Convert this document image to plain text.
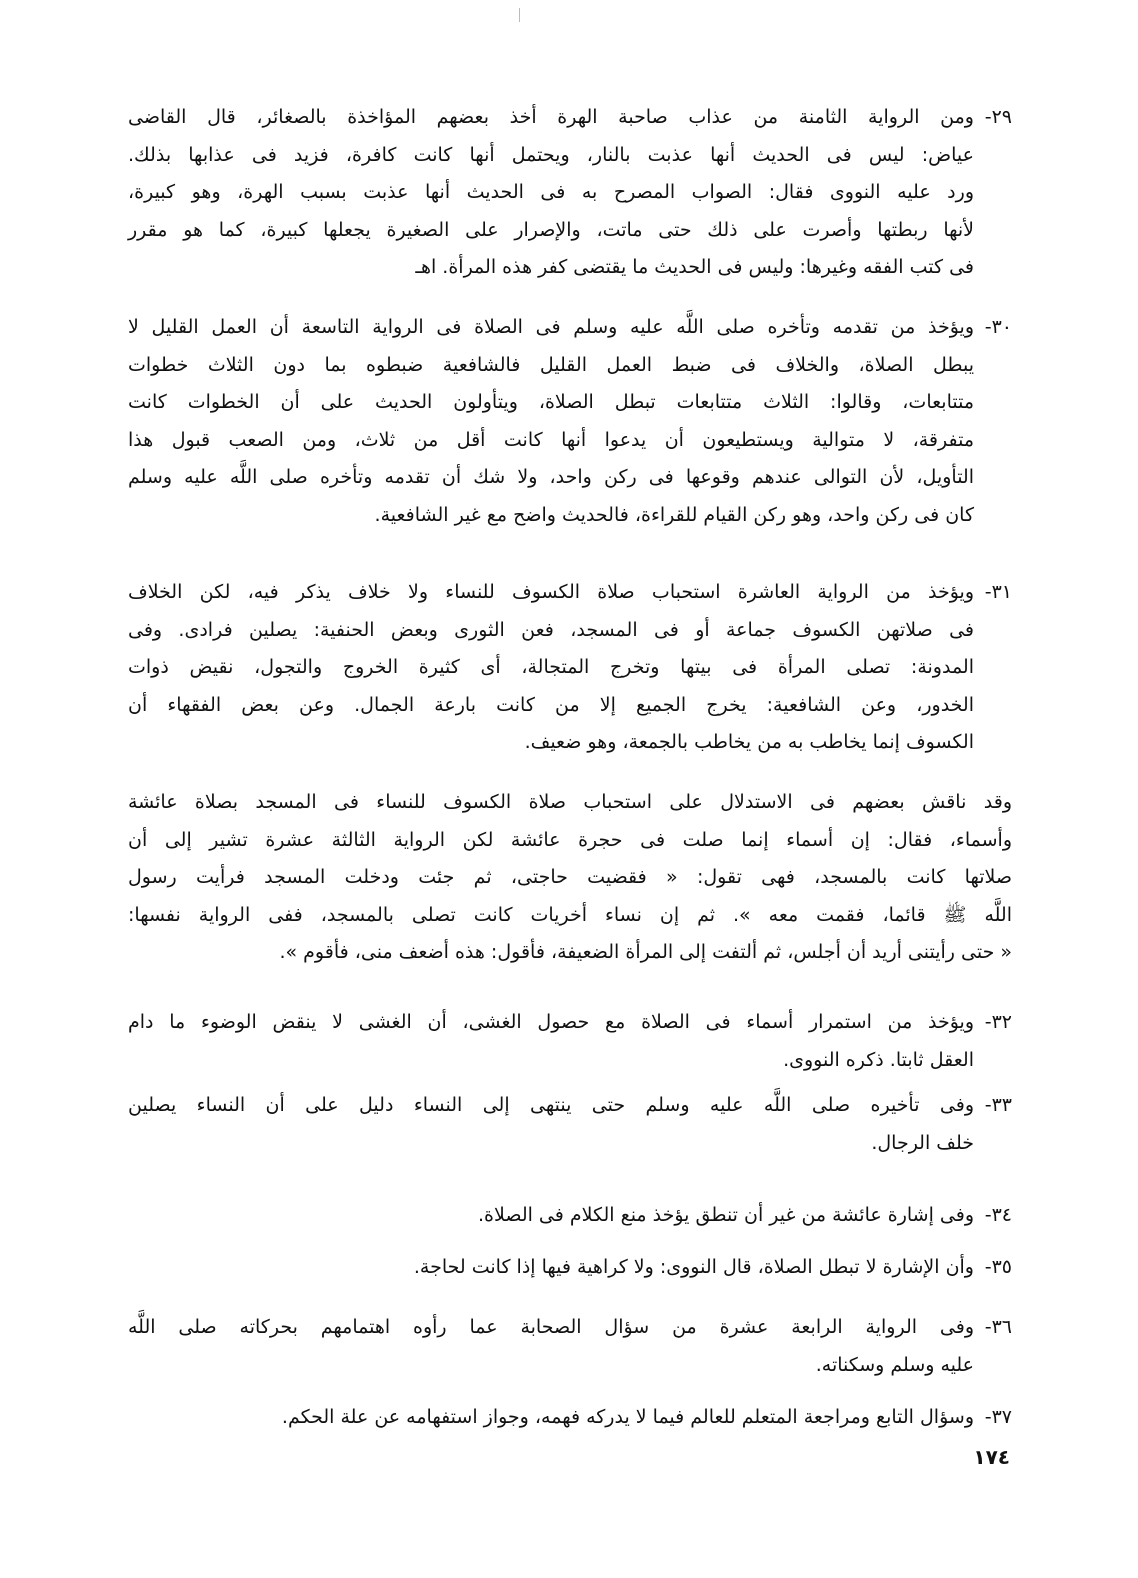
٢٩-
ومن الرواية الثامنة من عذاب صاحبة الهرة أخذ بعضهم المؤاخذة بالصغائر، قال القاضى
عياض: ليس فى الحديث أنها عذبت بالنار، ويحتمل أنها كانت كافرة، فزيد فى عذابها بذلك.
ورد عليه النووى فقال: الصواب المصرح به فى الحديث أنها عذبت بسبب الهرة، وهو كبيرة،
لأنها ربطتها وأصرت على ذلك حتى ماتت، والإصرار على الصغيرة يجعلها كبيرة، كما هو مقرر
فى كتب الفقه وغيرها: وليس فى الحديث ما يقتضى كفر هذه المرأة. اهـ
٣٠-
ويؤخذ من تقدمه وتأخره صلى اللَّه عليه وسلم فى الصلاة فى الرواية التاسعة أن العمل القليل لا
يبطل الصلاة، والخلاف فى ضبط العمل القليل فالشافعية ضبطوه بما دون الثلاث خطوات
متتابعات، وقالوا: الثلاث متتابعات تبطل الصلاة، ويتأولون الحديث على أن الخطوات كانت
متفرقة، لا متوالية ويستطيعون أن يدعوا أنها كانت أقل من ثلاث، ومن الصعب قبول هذا
التأويل، لأن التوالى عندهم وقوعها فى ركن واحد، ولا شك أن تقدمه وتأخره صلى اللَّه عليه وسلم
كان فى ركن واحد، وهو ركن القيام للقراءة، فالحديث واضح مع غير الشافعية.
٣١-
ويؤخذ من الرواية العاشرة استحباب صلاة الكسوف للنساء ولا خلاف يذكر فيه، لكن الخلاف
فى صلاتهن الكسوف جماعة أو فى المسجد، فعن الثورى وبعض الحنفية: يصلين فرادى. وفى
المدونة: تصلى المرأة فى بيتها وتخرج المتجالة، أى كثيرة الخروج والتجول، نقيض ذوات
الخدور، وعن الشافعية: يخرج الجميع إلا من كانت بارعة الجمال. وعن بعض الفقهاء أن
الكسوف إنما يخاطب به من يخاطب بالجمعة، وهو ضعيف.
وقد ناقش بعضهم فى الاستدلال على استحباب صلاة الكسوف للنساء فى المسجد بصلاة عائشة
وأسماء، فقال: إن أسماء إنما صلت فى حجرة عائشة لكن الرواية الثالثة عشرة تشير إلى أن
صلاتها كانت بالمسجد، فهى تقول: « فقضيت حاجتى، ثم جئت ودخلت المسجد فرأيت رسول
اللَّه ﷺ قائما، فقمت معه ». ثم إن نساء أخريات كانت تصلى بالمسجد، ففى الرواية نفسها:
« حتى رأيتنى أريد أن أجلس، ثم ألتفت إلى المرأة الضعيفة، فأقول: هذه أضعف منى، فأقوم ».
٣٢-
ويؤخذ من استمرار أسماء فى الصلاة مع حصول الغشى، أن الغشى لا ينقض الوضوء ما دام
العقل ثابتا. ذكره النووى.
٣٣-
وفى تأخيره صلى اللَّه عليه وسلم حتى ينتهى إلى النساء دليل على أن النساء يصلين
خلف الرجال.
٣٤-
وفى إشارة عائشة من غير أن تنطق يؤخذ منع الكلام فى الصلاة.
٣٥-
وأن الإشارة لا تبطل الصلاة، قال النووى: ولا كراهية فيها إذا كانت لحاجة.
٣٦-
وفى الرواية الرابعة عشرة من سؤال الصحابة عما رأوه اهتمامهم بحركاته صلى اللَّه
عليه وسلم وسكناته.
٣٧-
وسؤال التابع ومراجعة المتعلم للعالم فيما لا يدركه فهمه، وجواز استفهامه عن علة الحكم.
١٧٤
